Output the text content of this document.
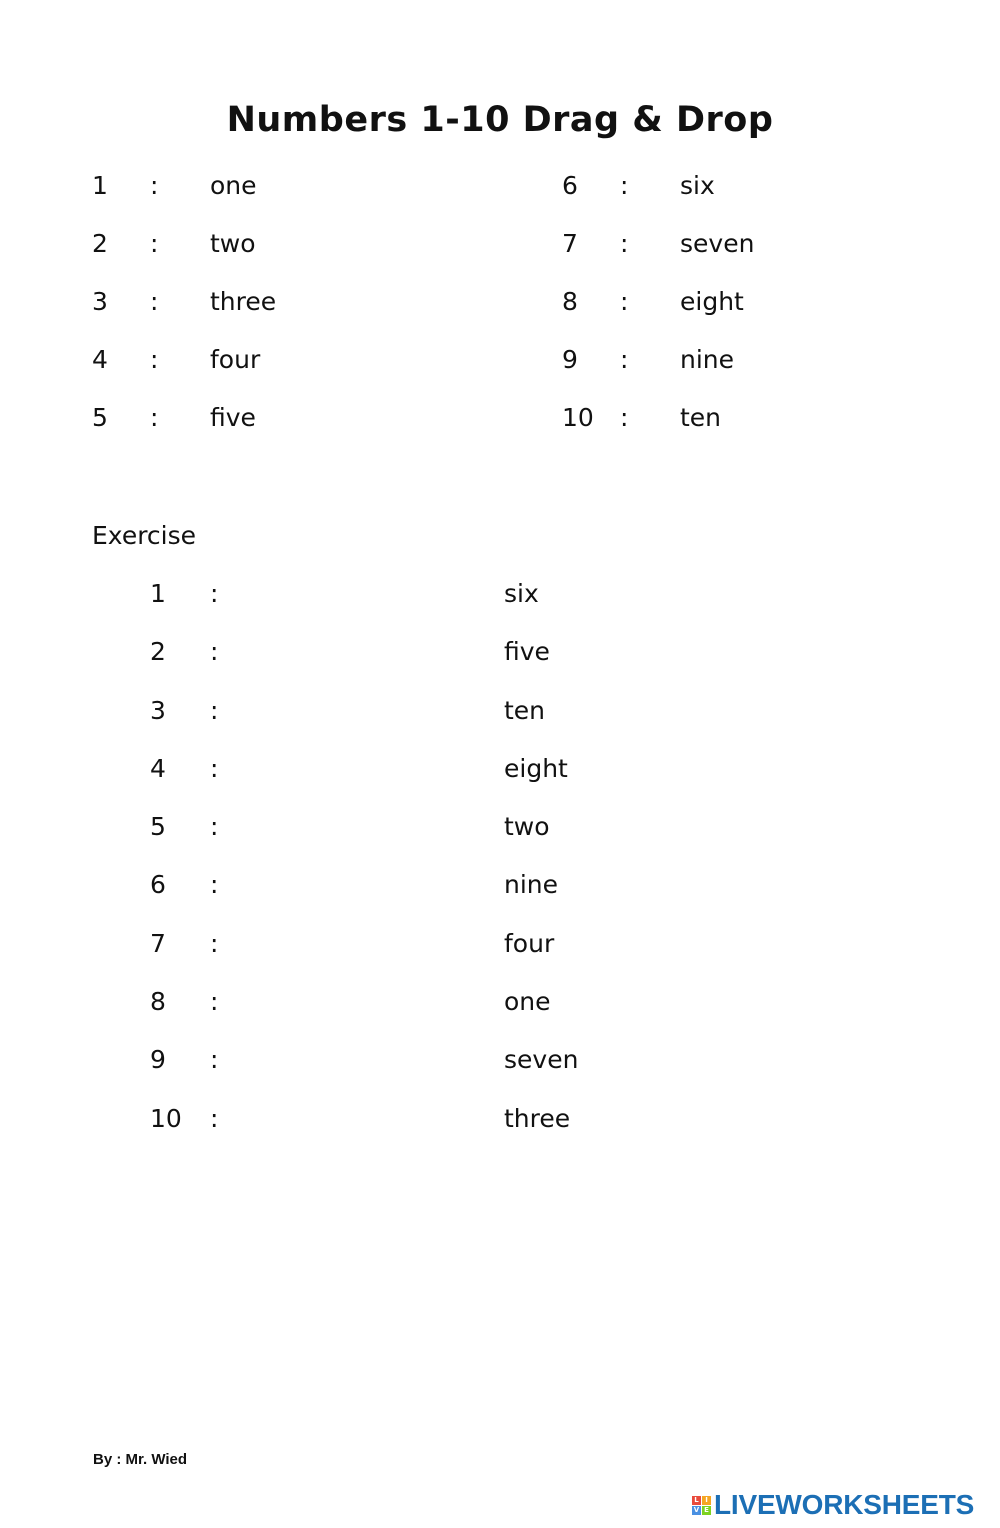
Numbers 1-10 Drag & Drop
1 : one
2 : two
3 : three
4 : four
5 : five
6 : six
7 : seven
8 : eight
9 : nine
10 : ten
Exercise
1 :	six
2 :	five
3 :	ten
4 :	eight
5 :	two
6 :	nine
7 :	four
8 :	one
9 :	seven
10 :	three
By : Mr. Wied
L I
V E LIVEWORKSHEETS
